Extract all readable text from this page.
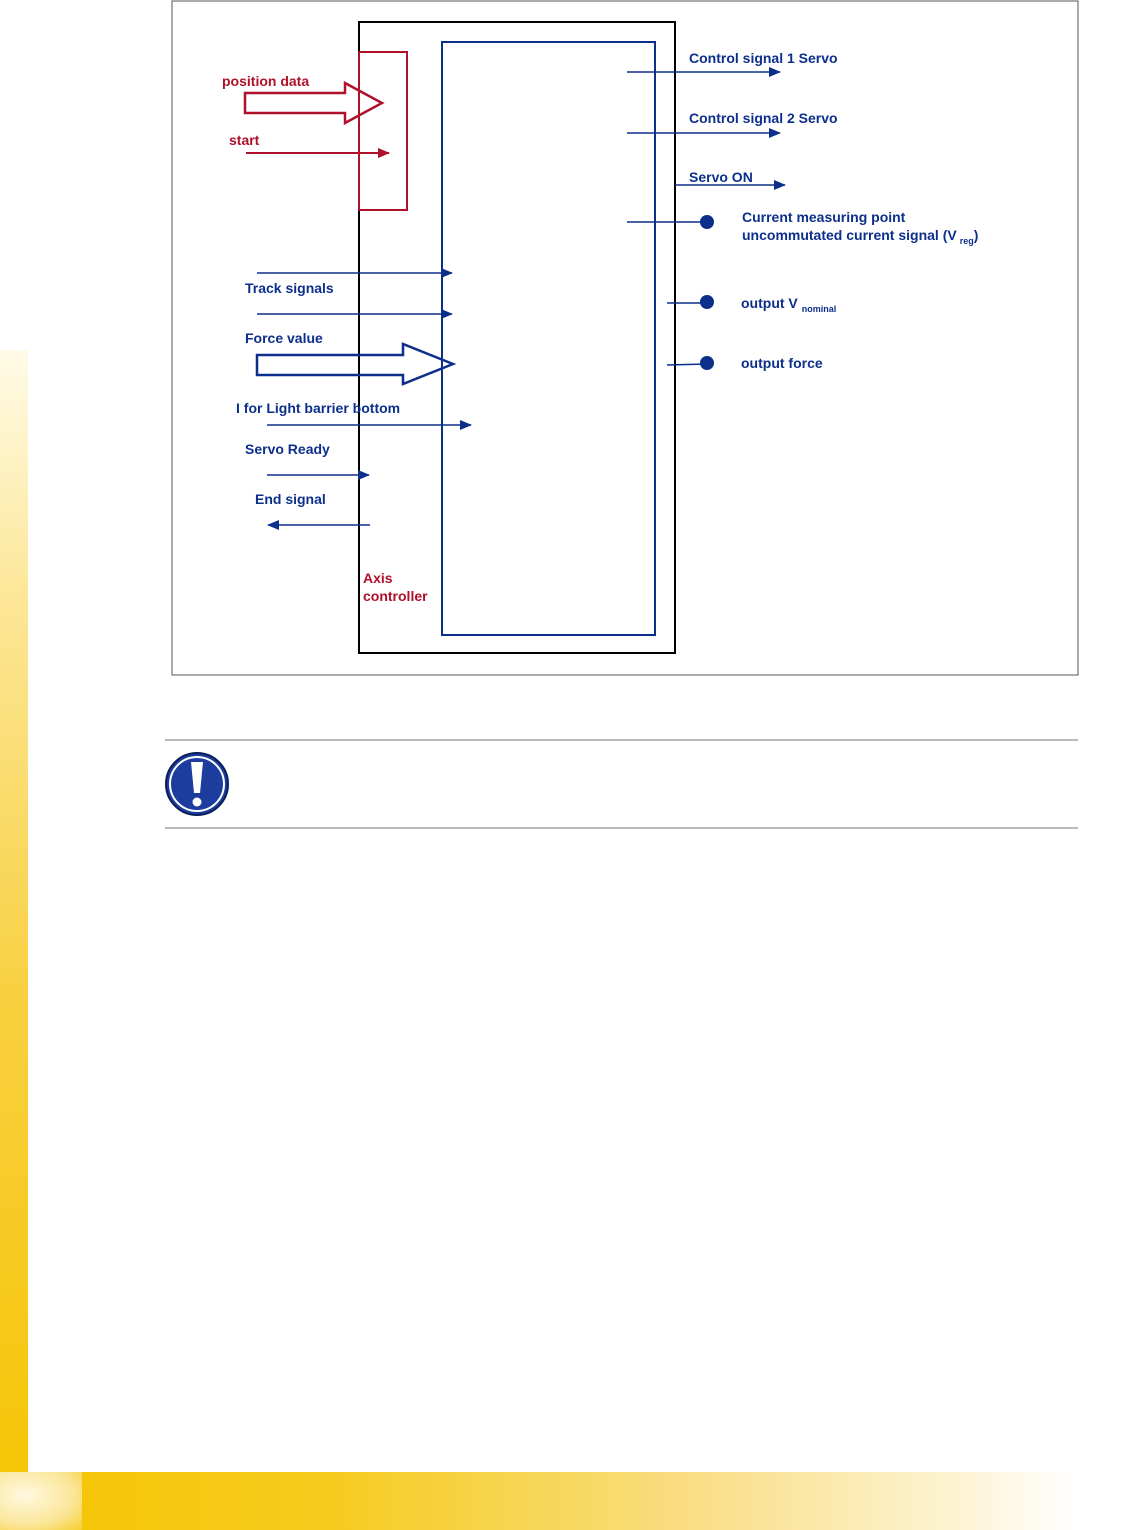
position data
start
Track signals
Force value
I for Light barrier bottom
Servo Ready
End signal
Axis
controller
Control signal 1 Servo
Control signal 2 Servo
Servo ON
Current measuring point
uncommutated current signal (V $_{reg}$)
output V $_{nominal}$
output force
